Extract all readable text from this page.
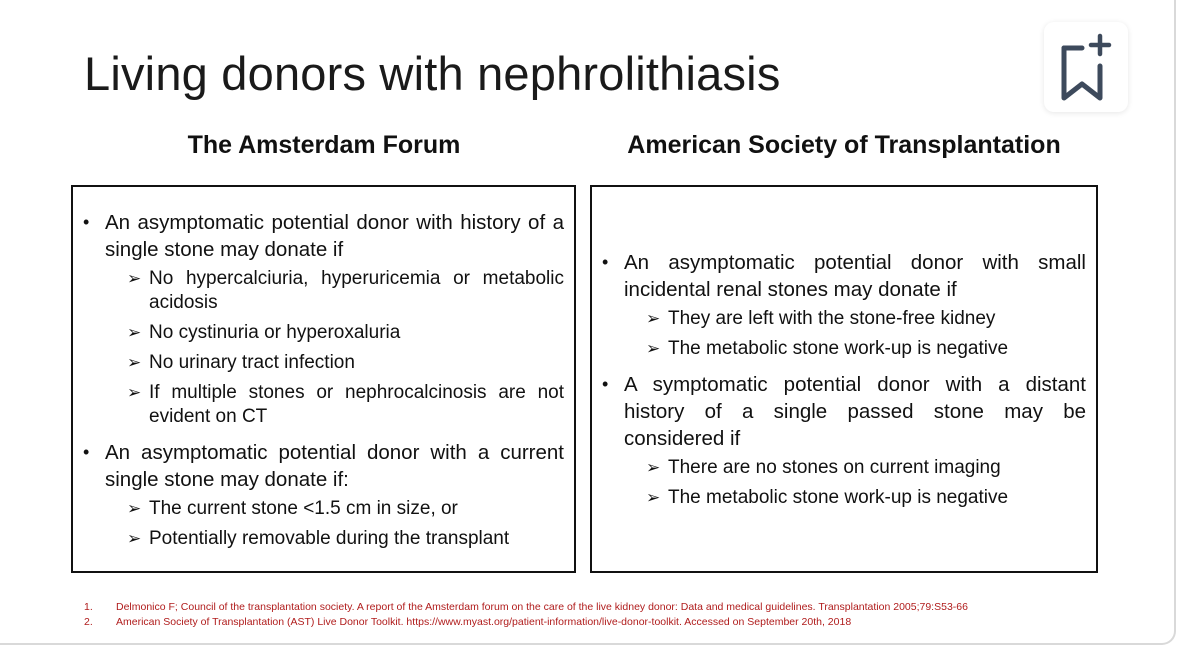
Living donors with nephrolithiasis
The Amsterdam Forum	American Society of Transplantation
• An asymptomatic potential donor with history of a single stone may donate if
➢ No hypercalciuria, hyperuricemia or metabolic acidosis
➢ No cystinuria or hyperoxaluria
➢ No urinary tract infection
➢ If multiple stones or nephrocalcinosis are not evident on CT
• An asymptomatic potential donor with a current single stone may donate if:
➢ The current stone <1.5 cm in size, or
➢ Potentially removable during the transplant
• An asymptomatic potential donor with small incidental renal stones may donate if
➢ They are left with the stone-free kidney
➢ The metabolic stone work-up is negative
• A symptomatic potential donor with a distant history of a single passed stone may be considered if
➢ There are no stones on current imaging
➢ The metabolic stone work-up is negative
1. Delmonico F; Council of the transplantation society. A report of the Amsterdam forum on the care of the live kidney donor: Data and medical guidelines. Transplantation 2005;79:S53-66
2. American Society of Transplantation (AST) Live Donor Toolkit. https://www.myast.org/patient-information/live-donor-toolkit. Accessed on September 20th, 2018
